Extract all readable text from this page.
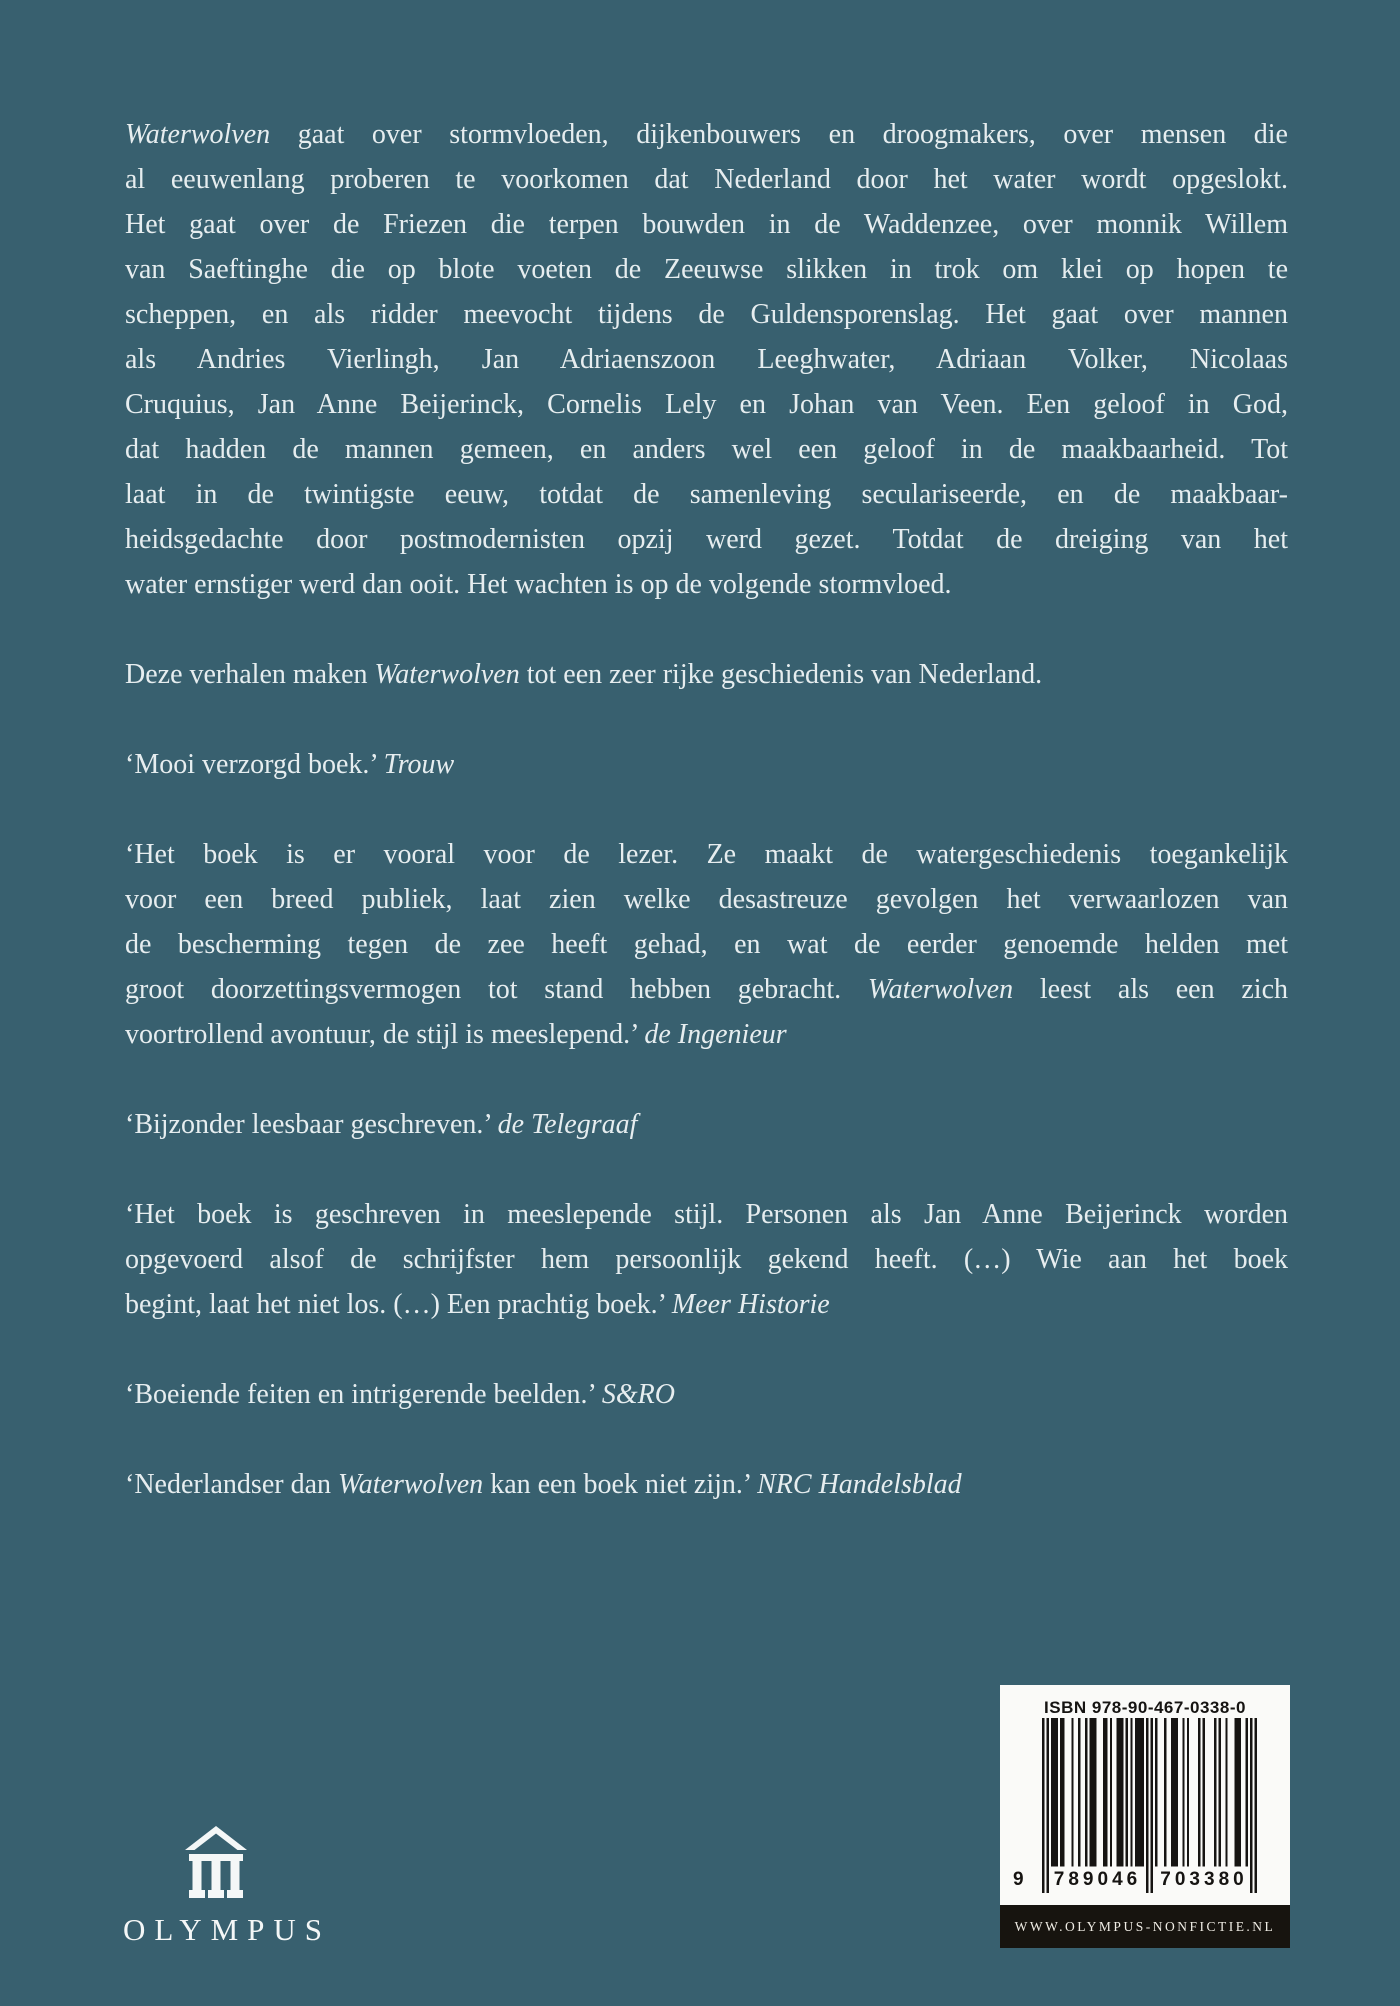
Waterwolven gaat over stormvloeden, dijkenbouwers en droogmakers, over mensen die
al eeuwenlang proberen te voorkomen dat Nederland door het water wordt opgeslokt.
Het gaat over de Friezen die terpen bouwden in de Waddenzee, over monnik Willem
van Saeftinghe die op blote voeten de Zeeuwse slikken in trok om klei op hopen te
scheppen, en als ridder meevocht tijdens de Guldensporenslag. Het gaat over mannen
als Andries Vierlingh, Jan Adriaenszoon Leeghwater, Adriaan Volker, Nicolaas
Cruquius, Jan Anne Beijerinck, Cornelis Lely en Johan van Veen. Een geloof in God,
dat hadden de mannen gemeen, en anders wel een geloof in de maakbaarheid. Tot
laat in de twintigste eeuw, totdat de samenleving seculariseerde, en de maakbaar-
heidsgedachte door postmodernisten opzij werd gezet. Totdat de dreiging van het
water ernstiger werd dan ooit. Het wachten is op de volgende stormvloed.

Deze verhalen maken Waterwolven tot een zeer rijke geschiedenis van Nederland.

‘Mooi verzorgd boek.’ Trouw

‘Het boek is er vooral voor de lezer. Ze maakt de watergeschiedenis toegankelijk
voor een breed publiek, laat zien welke desastreuze gevolgen het verwaarlozen van
de bescherming tegen de zee heeft gehad, en wat de eerder genoemde helden met
groot doorzettingsvermogen tot stand hebben gebracht. Waterwolven leest als een zich
voortrollend avontuur, de stijl is meeslepend.’ de Ingenieur

‘Bijzonder leesbaar geschreven.’ de Telegraaf

‘Het boek is geschreven in meeslepende stijl. Personen als Jan Anne Beijerinck worden
opgevoerd alsof de schrijfster hem persoonlijk gekend heeft. (…) Wie aan het boek
begint, laat het niet los. (…) Een prachtig boek.’ Meer Historie

‘Boeiende feiten en intrigerende beelden.’ S&RO

‘Nederlandser dan Waterwolven kan een boek niet zijn.’ NRC Handelsblad

ISBN 978-90-467-0338-0
9 789046 703380
WWW.OLYMPUS-NONFICTIE.NL
OLYMPUS
